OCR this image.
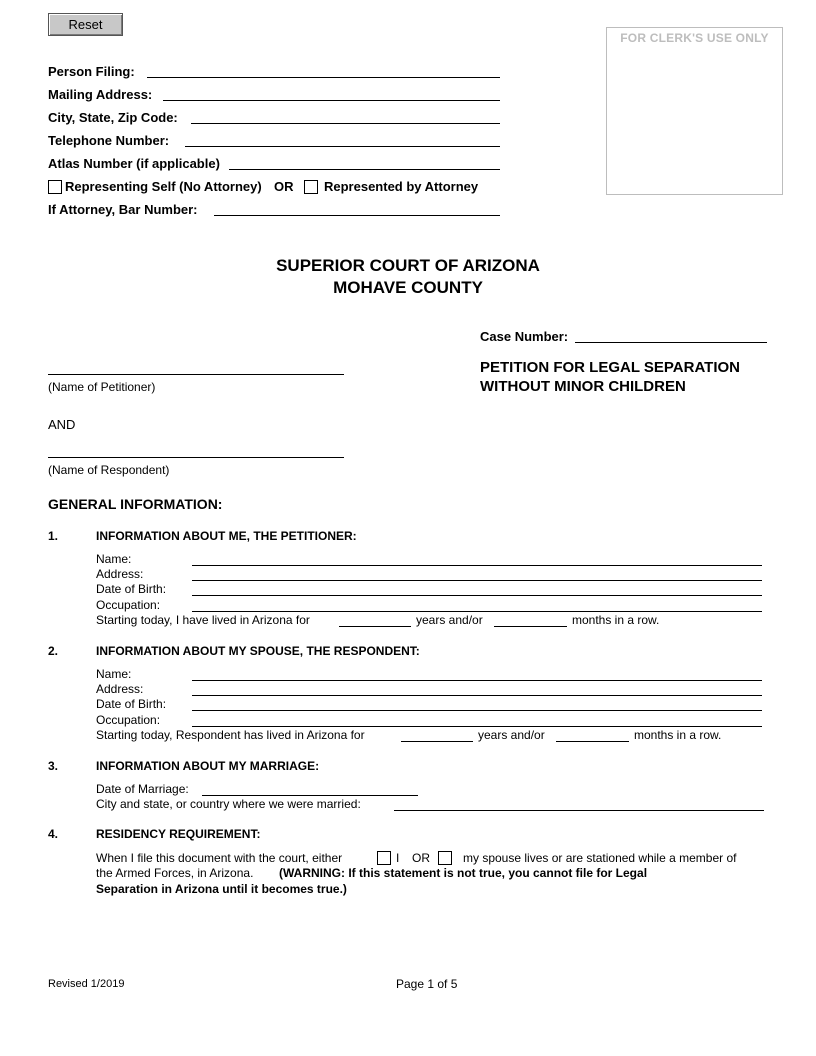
Reset
FOR CLERK'S USE ONLY
Person Filing:
Mailing Address:
City, State, Zip Code:
Telephone Number:
Atlas Number (if applicable)
Representing Self (No Attorney) OR Represented by Attorney
If Attorney, Bar Number:
SUPERIOR COURT OF ARIZONA
MOHAVE COUNTY
Case Number:
(Name of Petitioner)
PETITION FOR LEGAL SEPARATION
WITHOUT MINOR CHILDREN
AND
(Name of Respondent)
GENERAL INFORMATION:
1.	INFORMATION ABOUT ME, THE PETITIONER:
Name:
Address:
Date of Birth:
Occupation:
Starting today, I have lived in Arizona for	years and/or	months in a row.
2.	INFORMATION ABOUT MY SPOUSE, THE RESPONDENT:
Name:
Address:
Date of Birth:
Occupation:
Starting today, Respondent has lived in Arizona for	years and/or	months in a row.
3.	INFORMATION ABOUT MY MARRIAGE:
Date of Marriage:
City and state, or country where we were married:
4.	RESIDENCY REQUIREMENT:
When I file this document with the court, either	I OR	my spouse lives or are stationed while a member of
the Armed Forces, in Arizona. (WARNING: If this statement is not true, you cannot file for Legal
Separation in Arizona until it becomes true.)
Revised 1/2019	Page 1 of 5
